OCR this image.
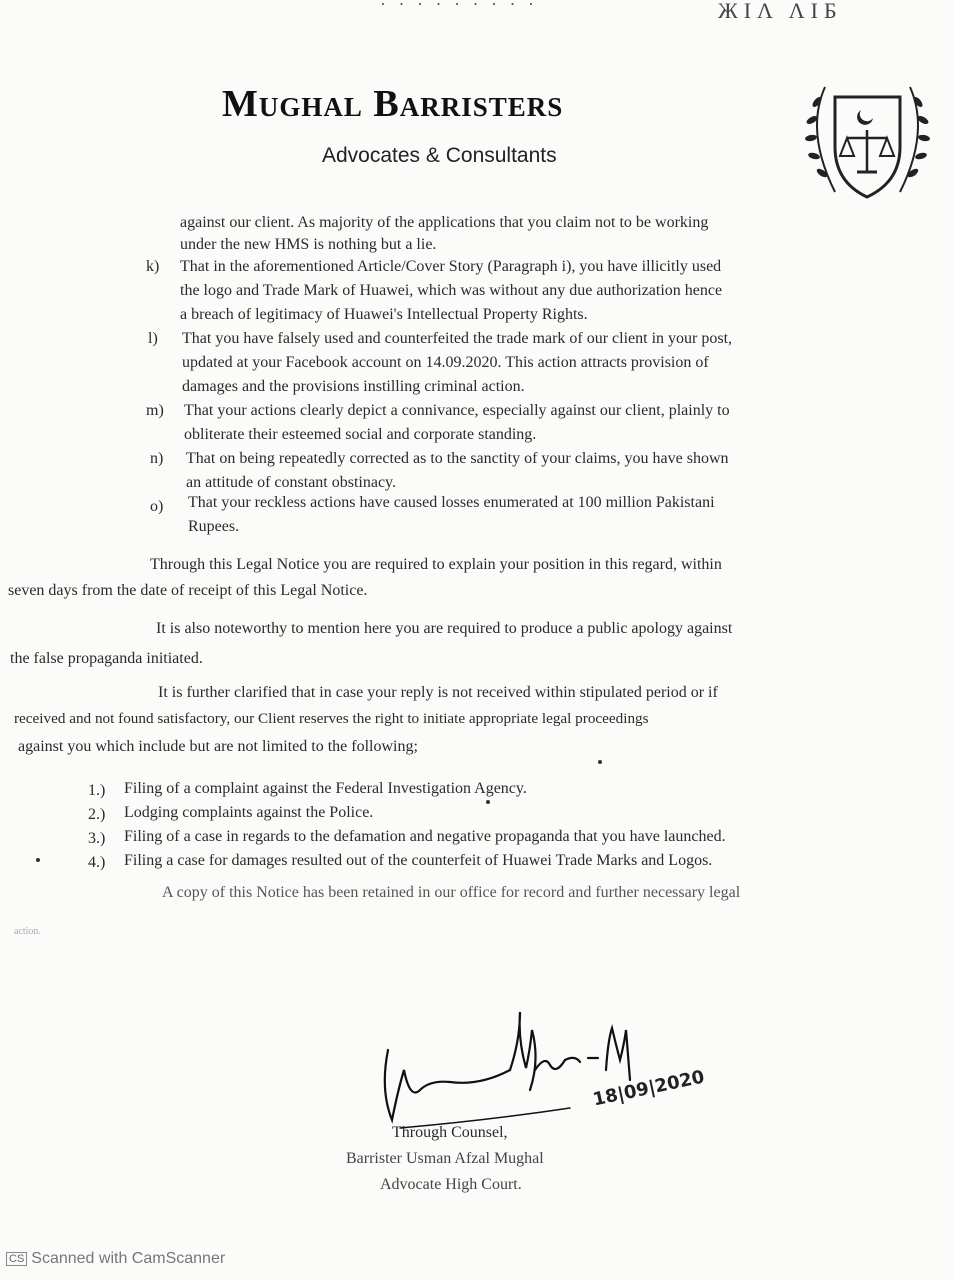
· · · · · · · · ·	ЖIΛ ΛIБ
Mughal Barristers
Advocates & Consultants
against our client. As majority of the applications that you claim not to be working
under the new HMS is nothing but a lie.
k) That in the aforementioned Article/Cover Story (Paragraph i), you have illicitly used
the logo and Trade Mark of Huawei, which was without any due authorization hence
a breach of legitimacy of Huawei's Intellectual Property Rights.
l) That you have falsely used and counterfeited the trade mark of our client in your post,
updated at your Facebook account on 14.09.2020. This action attracts provision of
damages and the provisions instilling criminal action.
m) That your actions clearly depict a connivance, especially against our client, plainly to
obliterate their esteemed social and corporate standing.
n) That on being repeatedly corrected as to the sanctity of your claims, you have shown
an attitude of constant obstinacy.
o) That your reckless actions have caused losses enumerated at 100 million Pakistani
Rupees.
Through this Legal Notice you are required to explain your position in this regard, within
seven days from the date of receipt of this Legal Notice.
It is also noteworthy to mention here you are required to produce a public apology against
the false propaganda initiated.
It is further clarified that in case your reply is not received within stipulated period or if
received and not found satisfactory, our Client reserves the right to initiate appropriate legal proceedings
against you which include but are not limited to the following;
1.) Filing of a complaint against the Federal Investigation Agency.
2.) Lodging complaints against the Police.
3.) Filing of a case in regards to the defamation and negative propaganda that you have launched.
4.) Filing a case for damages resulted out of the counterfeit of Huawei Trade Marks and Logos.
A copy of this Notice has been retained in our office for record and further necessary legal
action.
18|09|2020
Through Counsel,
Barrister Usman Afzal Mughal
Advocate High Court.
CS Scanned with CamScanner
